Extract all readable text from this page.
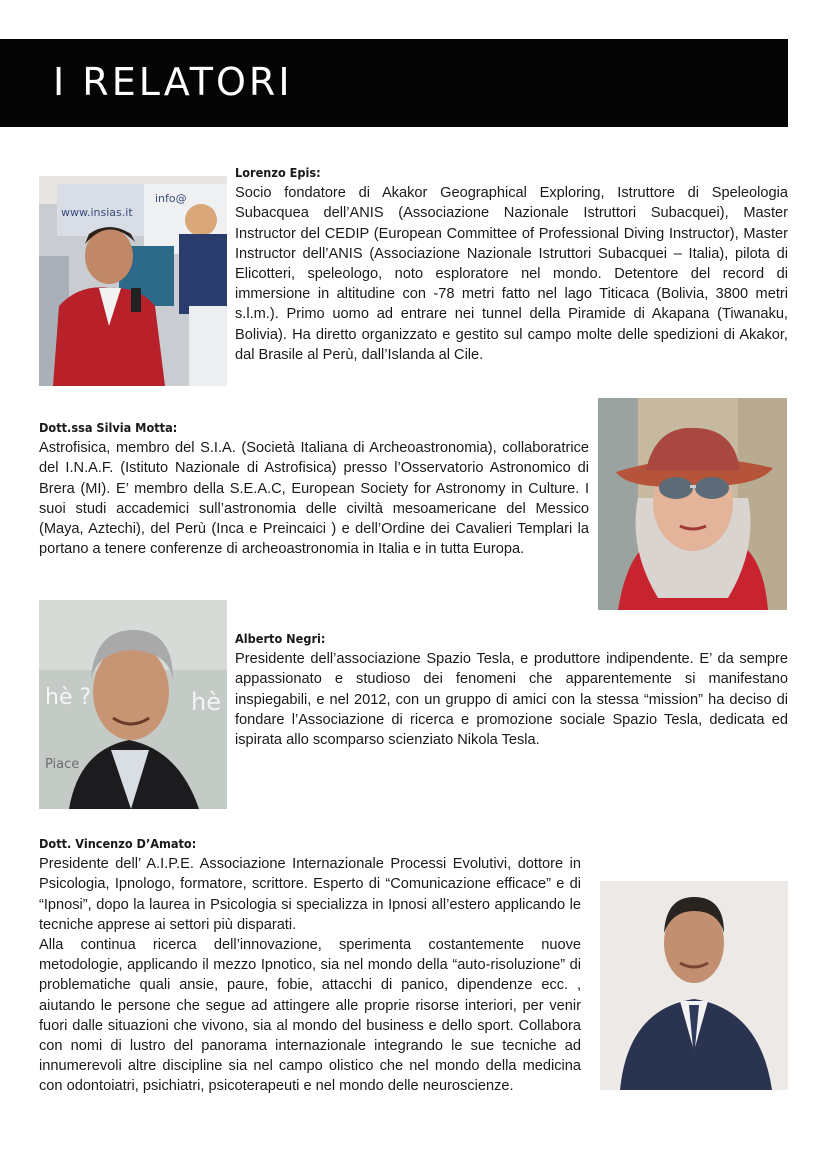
I RELATORI
www.insias.it
info@
Lorenzo Epis:
Socio fondatore di Akakor Geographical Exploring, Istruttore di Speleologia Subacquea dell’ANIS (Associazione Nazionale Istruttori Subacquei), Master Instructor del CEDIP (European Committee of Professional Diving Instructor), Master Instructor dell’ANIS (Associazione Nazionale Istruttori Subacquei – Italia), pilota di Elicotteri, speleologo, noto esploratore nel mondo. Detentore del record di immersione in altitudine con -78 metri fatto nel lago Titicaca (Bolivia, 3800 metri s.l.m.). Primo uomo ad entrare nei tunnel della Piramide di Akapana (Tiwanaku, Bolivia). Ha diretto organizzato e gestito sul campo molte delle spedizioni di Akakor, dal Brasile al Perù, dall’Islanda al Cile.
Dott.ssa Silvia Motta:
Astrofisica, membro del S.I.A. (Società Italiana di Archeoastronomia), collaboratrice del I.N.A.F. (Istituto Nazionale di Astrofisica) presso l’Osservatorio Astronomico di Brera (MI). E’ membro della S.E.A.C, European Society for Astronomy in Culture. I suoi studi accademici sull’astronomia delle civiltà mesoamericane del Messico (Maya, Aztechi), del Perù (Inca e Preincaici ) e dell’Ordine dei Cavalieri Templari la portano a tenere conferenze di archeoastronomia in Italia e in tutta Europa.
hè ?	hè
Piace
Alberto Negri:
Presidente dell’associazione Spazio Tesla, e produttore indipendente. E’ da sempre appassionato e studioso dei fenomeni che apparentemente si manifestano inspiegabili, e nel 2012, con un gruppo di amici con la stessa “mission” ha deciso di fondare l’Associazione di ricerca e promozione sociale Spazio Tesla, dedicata ed ispirata allo scomparso scienziato Nikola Tesla.
Dott. Vincenzo D’Amato:
Presidente dell’ A.I.P.E. Associazione Internazionale Processi Evolutivi, dottore in Psicologia, Ipnologo, formatore, scrittore. Esperto di “Comunicazione efficace” e di “Ipnosi”, dopo la laurea in Psicologia si specializza in Ipnosi all’estero applicando le tecniche apprese ai settori più disparati.
Alla continua ricerca dell’innovazione, sperimenta costantemente nuove metodologie, applicando il mezzo Ipnotico, sia nel mondo della “auto-risoluzione” di problematiche quali ansie, paure, fobie, attacchi di panico, dipendenze ecc. , aiutando le persone che segue ad attingere alle proprie risorse interiori, per venir fuori dalle situazioni che vivono, sia al mondo del business e dello sport. Collabora con nomi di lustro del panorama internazionale integrando le sue tecniche ad innumerevoli altre discipline sia nel campo olistico che nel mondo della medicina con odontoiatri, psichiatri, psicoterapeuti e nel mondo delle neuroscienze.
